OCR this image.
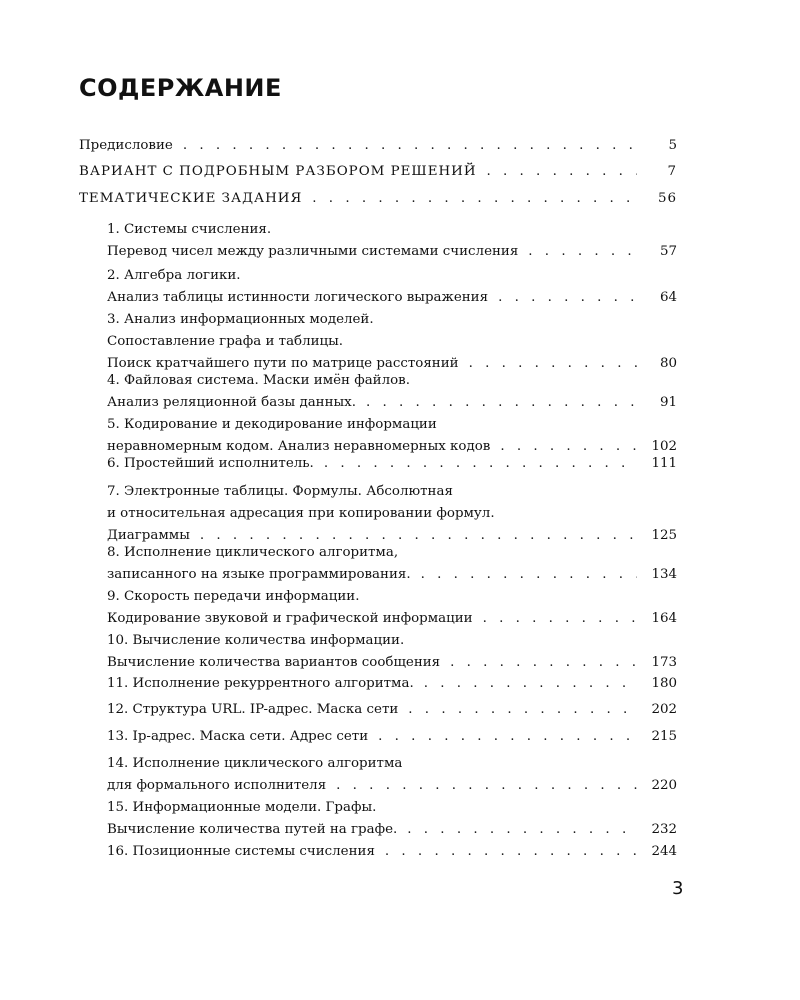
СОДЕРЖАНИЕ
Предисловие . . .	5
ВАРИАНТ С ПОДРОБНЫМ РАЗБОРОМ РЕШЕНИЙ . . .	7
ТЕМАТИЧЕСКИЕ ЗАДАНИЯ . . .	56
1. Системы счисления.
Перевод чисел между различными системами счисления . . .	57
2. Алгебра логики.
Анализ таблицы истинности логического выражения . . .	64
3. Анализ информационных моделей.
Сопоставление графа и таблицы.
Поиск кратчайшего пути по матрице расстояний . . .	80
4. Файловая система. Маски имён файлов.
Анализ реляционной базы данных. . . .	91
5. Кодирование и декодирование информации
неравномерным кодом. Анализ неравномерных кодов . . .	102
6. Простейший исполнитель. . . .	111
7. Электронные таблицы. Формулы. Абсолютная
и относительная адресация при копировании формул.
Диаграммы . . .	125
8. Исполнение циклического алгоритма,
записанного на языке программирования. . . .	134
9. Скорость передачи информации.
Кодирование звуковой и графической информации . . .	164
10. Вычисление количества информации.
Вычисление количества вариантов сообщения . . .	173
11. Исполнение рекуррентного алгоритма. . . .	180
12. Структура URL. IP-адрес. Маска сети . . .	202
13. Ip-адрес. Маска сети. Адрес сети . . .	215
14. Исполнение циклического алгоритма
для формального исполнителя . . .	220
15. Информационные модели. Графы.
Вычисление количества путей на графе. . . .	232
16. Позиционные системы счисления . . .	244
3
